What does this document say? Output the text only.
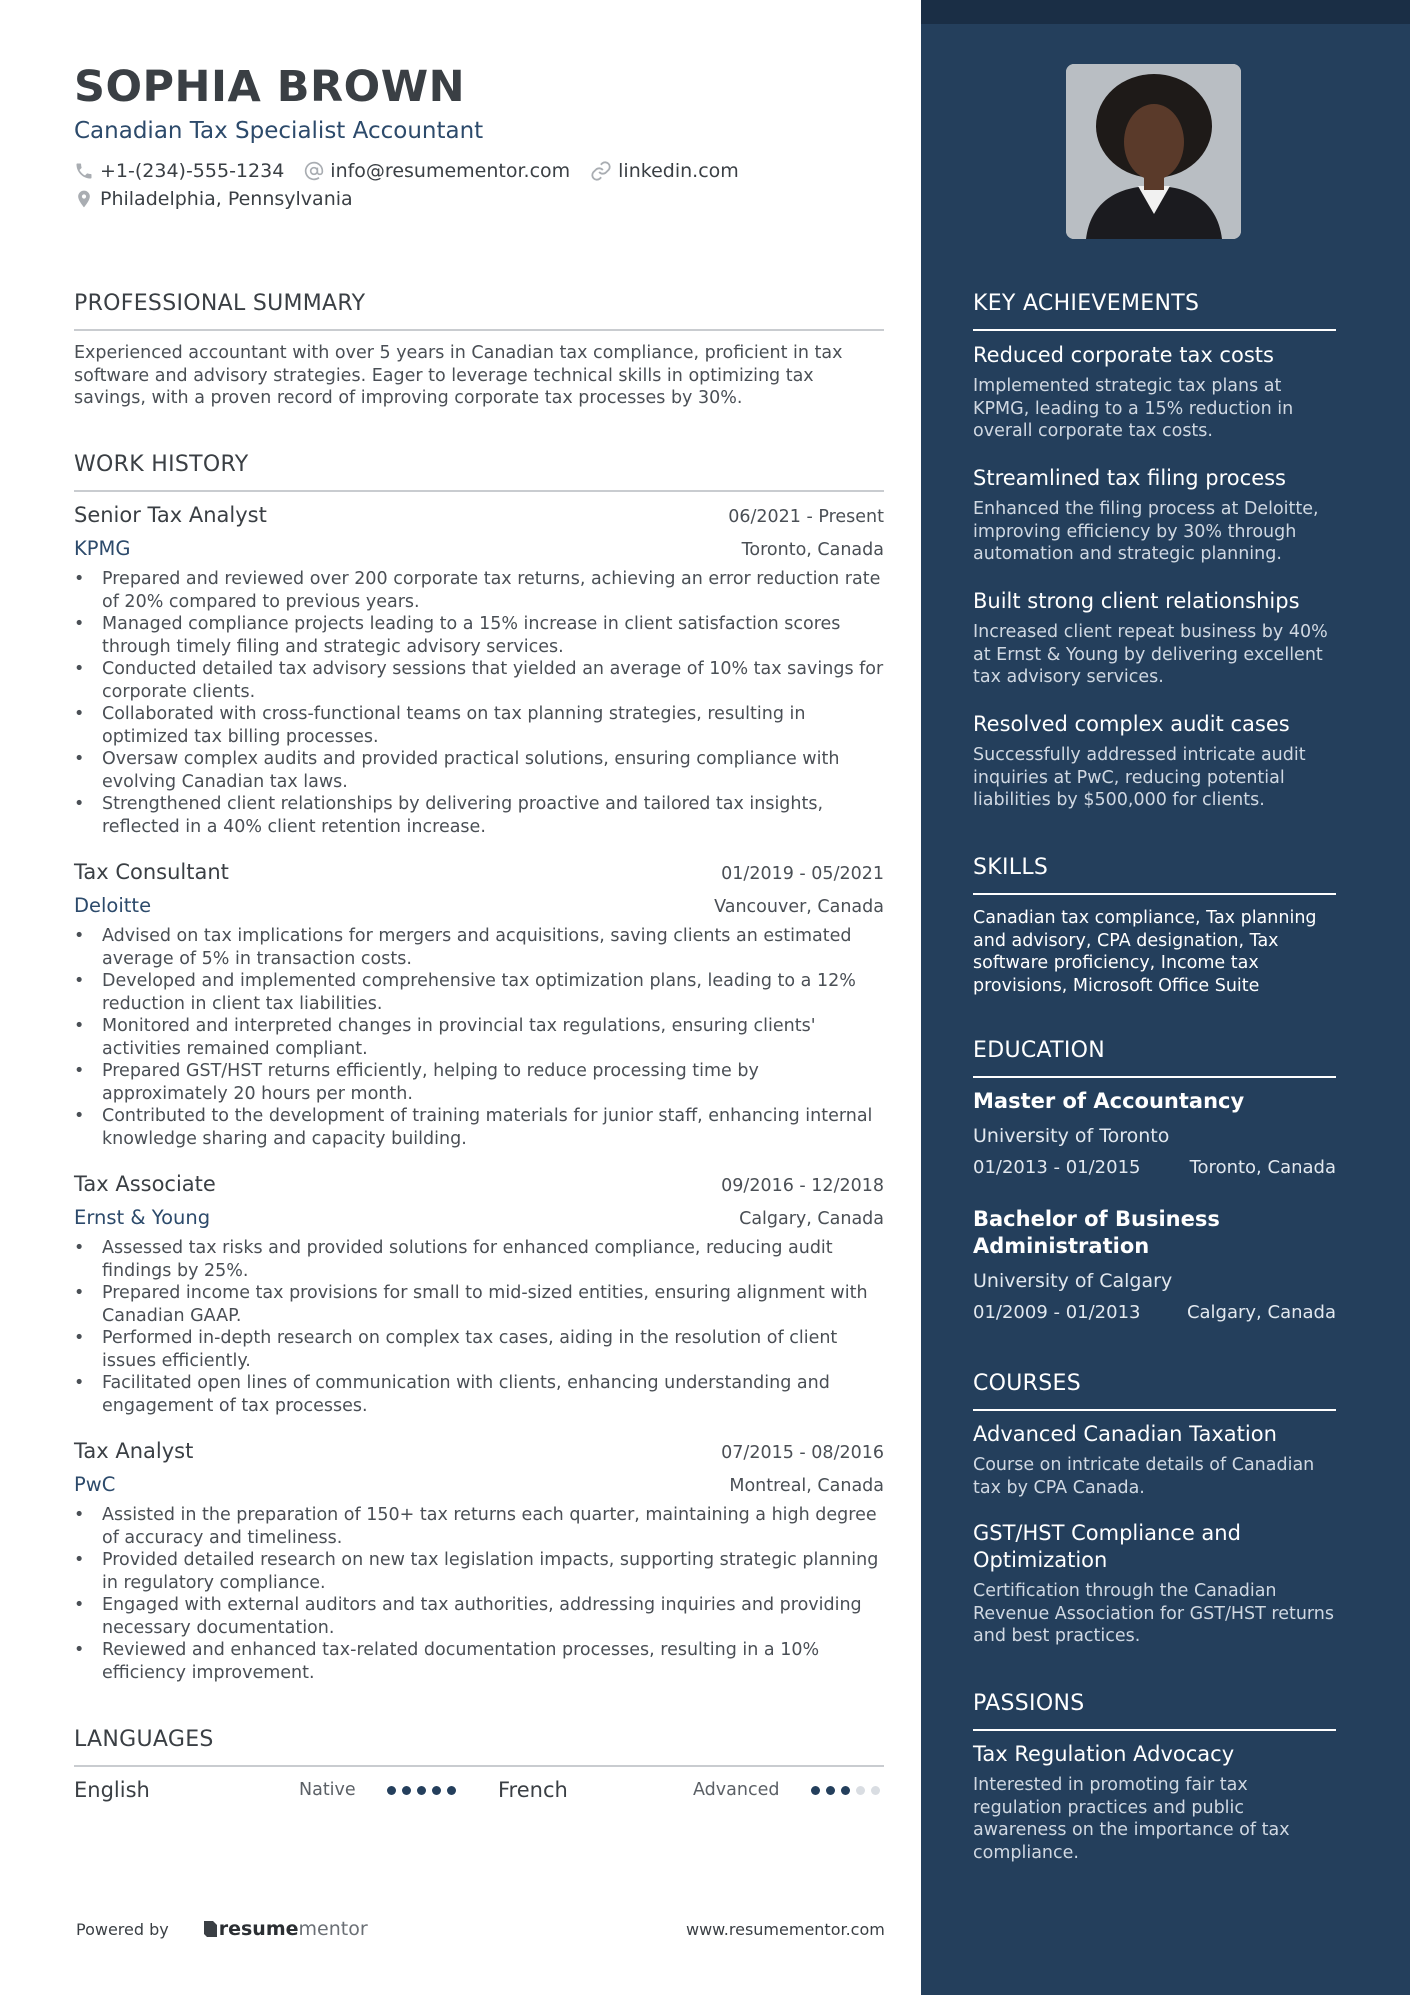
SOPHIA BROWN
Canadian Tax Specialist Accountant
+1-(234)-555-1234 info@resumementor.com	linkedin.com
Philadelphia, Pennsylvania
PROFESSIONAL SUMMARY
Experienced accountant with over 5 years in Canadian tax compliance, proficient in tax software and advisory strategies. Eager to leverage technical skills in optimizing tax savings, with a proven record of improving corporate tax processes by 30%.
WORK HISTORY
Senior Tax Analyst	06/2021 - Present
KPMG	Toronto, Canada
• Prepared and reviewed over 200 corporate tax returns, achieving an error reduction rate of 20% compared to previous years.
• Managed compliance projects leading to a 15% increase in client satisfaction scores through timely filing and strategic advisory services.
• Conducted detailed tax advisory sessions that yielded an average of 10% tax savings for corporate clients.
• Collaborated with cross-functional teams on tax planning strategies, resulting in optimized tax billing processes.
• Oversaw complex audits and provided practical solutions, ensuring compliance with evolving Canadian tax laws.
• Strengthened client relationships by delivering proactive and tailored tax insights, reflected in a 40% client retention increase.
Tax Consultant	01/2019 - 05/2021
Deloitte	Vancouver, Canada
• Advised on tax implications for mergers and acquisitions, saving clients an estimated average of 5% in transaction costs.
• Developed and implemented comprehensive tax optimization plans, leading to a 12% reduction in client tax liabilities.
• Monitored and interpreted changes in provincial tax regulations, ensuring clients' activities remained compliant.
• Prepared GST/HST returns efficiently, helping to reduce processing time by approximately 20 hours per month.
• Contributed to the development of training materials for junior staff, enhancing internal knowledge sharing and capacity building.
Tax Associate	09/2016 - 12/2018
Ernst & Young	Calgary, Canada
• Assessed tax risks and provided solutions for enhanced compliance, reducing audit findings by 25%.
• Prepared income tax provisions for small to mid-sized entities, ensuring alignment with Canadian GAAP.
• Performed in-depth research on complex tax cases, aiding in the resolution of client issues efficiently.
• Facilitated open lines of communication with clients, enhancing understanding and engagement of tax processes.
Tax Analyst	07/2015 - 08/2016
PwC	Montreal, Canada
• Assisted in the preparation of 150+ tax returns each quarter, maintaining a high degree of accuracy and timeliness.
• Provided detailed research on new tax legislation impacts, supporting strategic planning in regulatory compliance.
• Engaged with external auditors and tax authorities, addressing inquiries and providing necessary documentation.
• Reviewed and enhanced tax-related documentation processes, resulting in a 10% efficiency improvement.
LANGUAGES
English	Native	French	Advanced
Powered by	resume mentor	www.resumementor.com
KEY ACHIEVEMENTS
Reduced corporate tax costs
Implemented strategic tax plans at KPMG, leading to a 15% reduction in overall corporate tax costs.
Streamlined tax filing process
Enhanced the filing process at Deloitte, improving efficiency by 30% through automation and strategic planning.
Built strong client relationships
Increased client repeat business by 40% at Ernst & Young by delivering excellent tax advisory services.
Resolved complex audit cases
Successfully addressed intricate audit inquiries at PwC, reducing potential liabilities by $500,000 for clients.
SKILLS
Canadian tax compliance, Tax planning and advisory, CPA designation, Tax software proficiency, Income tax provisions, Microsoft Office Suite
EDUCATION
Master of Accountancy
University of Toronto
01/2013 - 01/2015	Toronto, Canada
Bachelor of Business Administration
University of Calgary
01/2009 - 01/2013	Calgary, Canada
COURSES
Advanced Canadian Taxation
Course on intricate details of Canadian tax by CPA Canada.
GST/HST Compliance and Optimization
Certification through the Canadian Revenue Association for GST/HST returns and best practices.
PASSIONS
Tax Regulation Advocacy
Interested in promoting fair tax regulation practices and public awareness on the importance of tax compliance.
